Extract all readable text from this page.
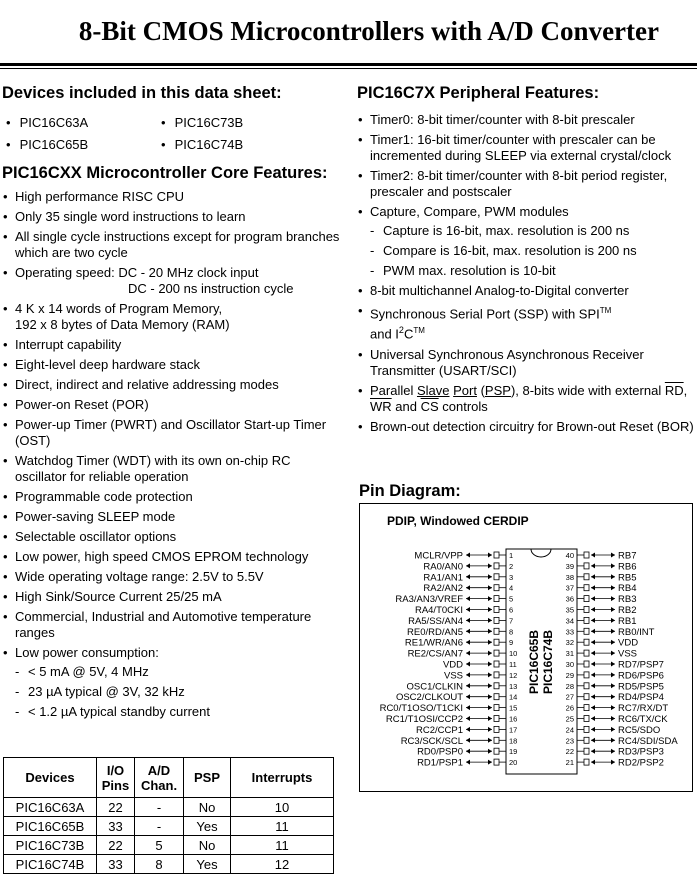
8-Bit CMOS Microcontrollers with A/D Converter
Devices included in this data sheet:
• PIC16C63A	• PIC16C73B
• PIC16C65B	• PIC16C74B
PIC16CXX Microcontroller Core Features:
• High performance RISC CPU
• Only 35 single word instructions to learn
• All single cycle instructions except for program branches which are two cycle
• Operating speed: DC - 20 MHz clock input
DC - 200 ns instruction cycle
• 4 K x 14 words of Program Memory,
192 x 8 bytes of Data Memory (RAM)
• Interrupt capability
• Eight-level deep hardware stack
• Direct, indirect and relative addressing modes
• Power-on Reset (POR)
• Power-up Timer (PWRT) and Oscillator Start-up Timer (OST)
• Watchdog Timer (WDT) with its own on-chip RC oscillator for reliable operation
• Programmable code protection
• Power-saving SLEEP mode
• Selectable oscillator options
• Low power, high speed CMOS EPROM technology
• Wide operating voltage range: 2.5V to 5.5V
• High Sink/Source Current 25/25 mA
• Commercial, Industrial and Automotive temperature ranges
• Low power consumption:
- < 5 mA @ 5V, 4 MHz
- 23 µA typical @ 3V, 32 kHz
- < 1.2 µA typical standby current
Devices	I/O Pins	A/D Chan.	PSP	Interrupts
PIC16C63A	22	-	No	10
PIC16C65B	33	-	Yes	11
PIC16C73B	22	5	No	11
PIC16C74B	33	8	Yes	12
PIC16C7X Peripheral Features:
• Timer0: 8-bit timer/counter with 8-bit prescaler
• Timer1: 16-bit timer/counter with prescaler can be incremented during SLEEP via external crystal/clock
• Timer2: 8-bit timer/counter with 8-bit period register, prescaler and postscaler
• Capture, Compare, PWM modules
- Capture is 16-bit, max. resolution is 200 ns
- Compare is 16-bit, max. resolution is 200 ns
- PWM max. resolution is 10-bit
• 8-bit multichannel Analog-to-Digital converter
• Synchronous Serial Port (SSP) with SPI™
and $I^2C™$
• Universal Synchronous Asynchronous Receiver Transmitter (USART/SCI)
• Parallel Slave Port (PSP), 8-bits wide with external $\overline{RD}$, $\overline{WR}$ and $\overline{CS}$ controls
• Brown-out detection circuitry for Brown-out Reset (BOR)
Pin Diagram:
PDIP, Windowed CERDIP
PIC16C65B PIC16C74B
MCLR/VPP	1
RA0/AN0	2
RA1/AN1	3
RA2/AN2	4
RA3/AN3/VREF	5
RA4/T0CKI	6
RA5/SS/AN4	7
RE0/RD/AN5	8
RE1/WR/AN6	9
RE2/CS/AN7	10
VDD	11
VSS	12
OSC1/CLKIN	13
OSC2/CLKOUT	14
RC0/T1OSO/T1CKI	15
RC1/T1OSI/CCP2	16
RC2/CCP1	17
RC3/SCK/SCL	18
RD0/PSP0	19
RD1/PSP1	20
40	RB7
39	RB6
38	RB5
37	RB4
36	RB3
35	RB2
34	RB1
33	RB0/INT
32	VDD
31	VSS
30	RD7/PSP7
29	RD6/PSP6
28	RD5/PSP5
27	RD4/PSP4
26	RC7/RX/DT
25	RC6/TX/CK
24	RC5/SDO
23	RC4/SDI/SDA
22	RD3/PSP3
21	RD2/PSP2
